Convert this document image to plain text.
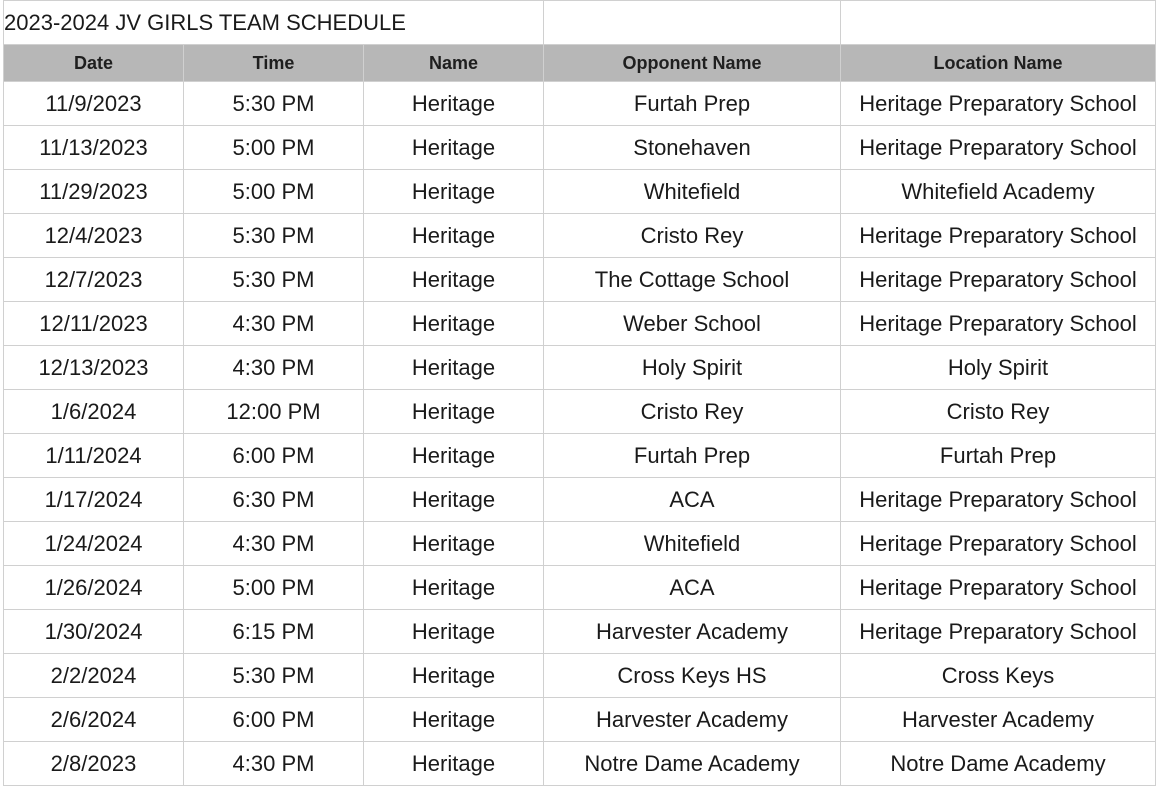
2023-2024 JV GIRLS TEAM SCHEDULE				
Date	Time	Name	Opponent Name	Location Name
11/9/2023	5:30 PM	Heritage	Furtah Prep	Heritage Preparatory School
11/13/2023	5:00 PM	Heritage	Stonehaven	Heritage Preparatory School
11/29/2023	5:00 PM	Heritage	Whitefield	Whitefield Academy
12/4/2023	5:30 PM	Heritage	Cristo Rey	Heritage Preparatory School
12/7/2023	5:30 PM	Heritage	The Cottage School	Heritage Preparatory School
12/11/2023	4:30 PM	Heritage	Weber School	Heritage Preparatory School
12/13/2023	4:30 PM	Heritage	Holy Spirit	Holy Spirit
1/6/2024	12:00 PM	Heritage	Cristo Rey	Cristo Rey
1/11/2024	6:00 PM	Heritage	Furtah Prep	Furtah Prep
1/17/2024	6:30 PM	Heritage	ACA	Heritage Preparatory School
1/24/2024	4:30 PM	Heritage	Whitefield	Heritage Preparatory School
1/26/2024	5:00 PM	Heritage	ACA	Heritage Preparatory School
1/30/2024	6:15 PM	Heritage	Harvester Academy	Heritage Preparatory School
2/2/2024	5:30 PM	Heritage	Cross Keys HS	Cross Keys
2/6/2024	6:00 PM	Heritage	Harvester Academy	Harvester Academy
2/8/2023	4:30 PM	Heritage	Notre Dame Academy	Notre Dame Academy
